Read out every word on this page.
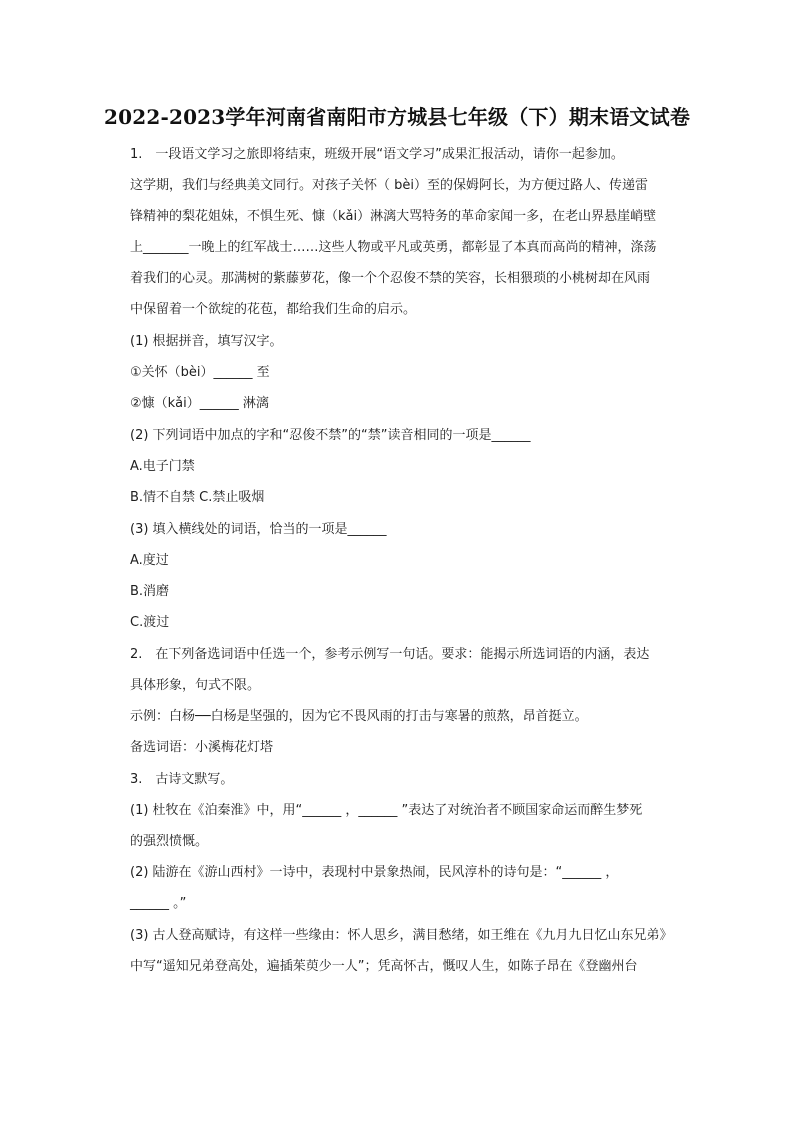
2022-2023学年河南省南阳市方城县七年级（下）期末语文试卷
1.　一段语文学习之旅即将结束，班级开展“语文学习”成果汇报活动，请你一起参加。
这学期，我们与经典美文同行。对孩子关怀（ bèi）至的保姆阿长，为方便过路人、传递雷
锋精神的梨花姐妹，不惧生死、慷（kǎi）淋漓大骂特务的革命家闻一多，在老山界悬崖峭壁
上_______一晚上的红军战士……这些人物或平凡或英勇，都彰显了本真而高尚的精神，涤荡
着我们的心灵。那满树的紫藤萝花，像一个个忍俊不禁的笑容，长相猥琐的小桃树却在风雨
中保留着一个欲绽的花苞，都给我们生命的启示。
(1) 根据拼音，填写汉字。
①关怀（bèi）______ 至
②慷（kǎi）______ 淋漓
(2) 下列词语中加点的字和“忍俊不禁”的“禁”读音相同的一项是______
A.电子门禁
B.情不自禁 C.禁止吸烟
(3) 填入横线处的词语，恰当的一项是______
A.度过
B.消磨
C.渡过
2.　在下列备选词语中任选一个，参考示例写一句话。要求：能揭示所选词语的内涵，表达
具体形象，句式不限。
示例：白杨──白杨是坚强的，因为它不畏风雨的打击与寒暑的煎熬，昂首挺立。
备选词语：小溪梅花灯塔
3.　古诗文默写。
(1) 杜牧在《泊秦淮》中，用“______ ，______ ”表达了对统治者不顾国家命运而醉生梦死
的强烈愤慨。
(2) 陆游在《游山西村》一诗中，表现村中景象热闹，民风淳朴的诗句是：“______ ，
______ 。”
(3) 古人登高赋诗，有这样一些缘由：怀人思乡，满目愁绪，如王维在《九月九日忆山东兄弟》
中写“遥知兄弟登高处，遍插茱萸少一人”；凭高怀古，慨叹人生，如陈子昂在《登幽州台
